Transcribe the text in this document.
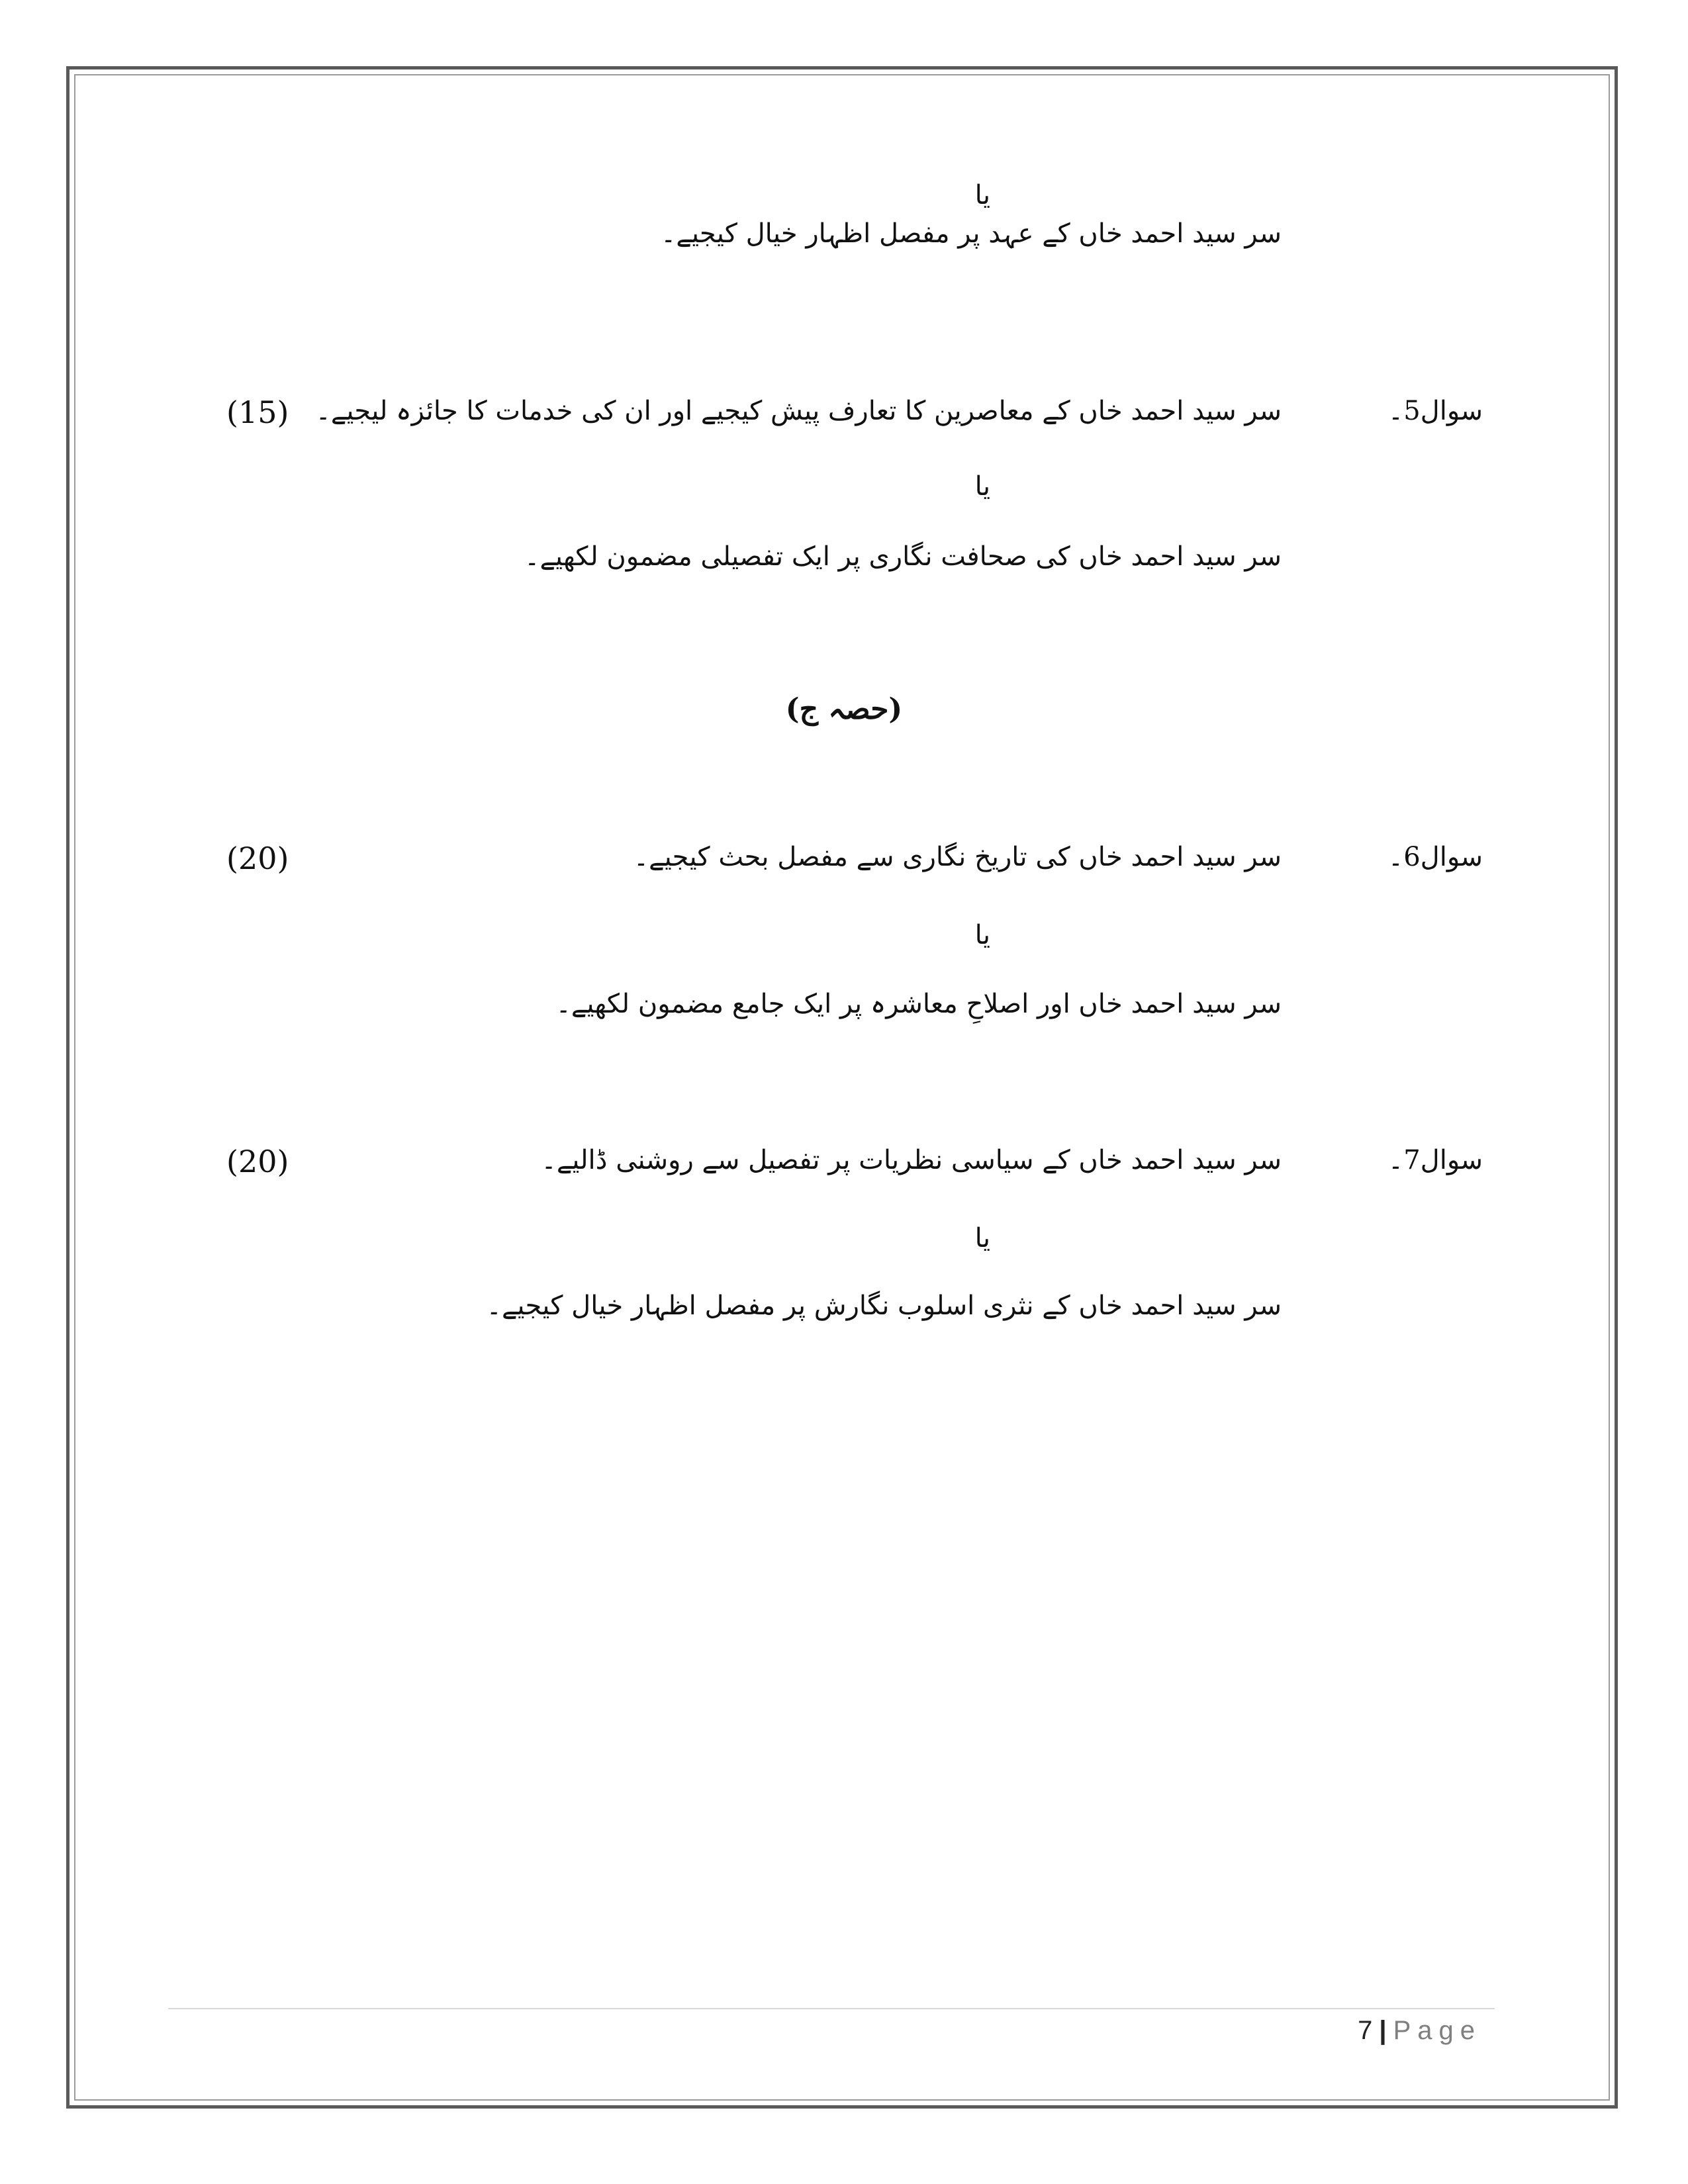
یا
سر سید احمد خاں کے عہد پر مفصل اظہار خیال کیجیے۔
سوال5۔
سر سید احمد خاں کے معاصرین کا تعارف پیش کیجیے اور ان کی خدمات کا جائزہ لیجیے۔
(15)
یا
سر سید احمد خاں کی صحافت نگاری پر ایک تفصیلی مضمون لکھیے۔
(حصہ ج)
سوال6۔
سر سید احمد خاں کی تاریخ نگاری سے مفصل بحث کیجیے۔
(20)
یا
سر سید احمد خاں اور اصلاحِ معاشرہ پر ایک جامع مضمون لکھیے۔
سوال7۔
سر سید احمد خاں کے سیاسی نظریات پر تفصیل سے روشنی ڈالیے۔
(20)
یا
سر سید احمد خاں کے نثری اسلوب نگارش پر مفصل اظہار خیال کیجیے۔
7 | Page
